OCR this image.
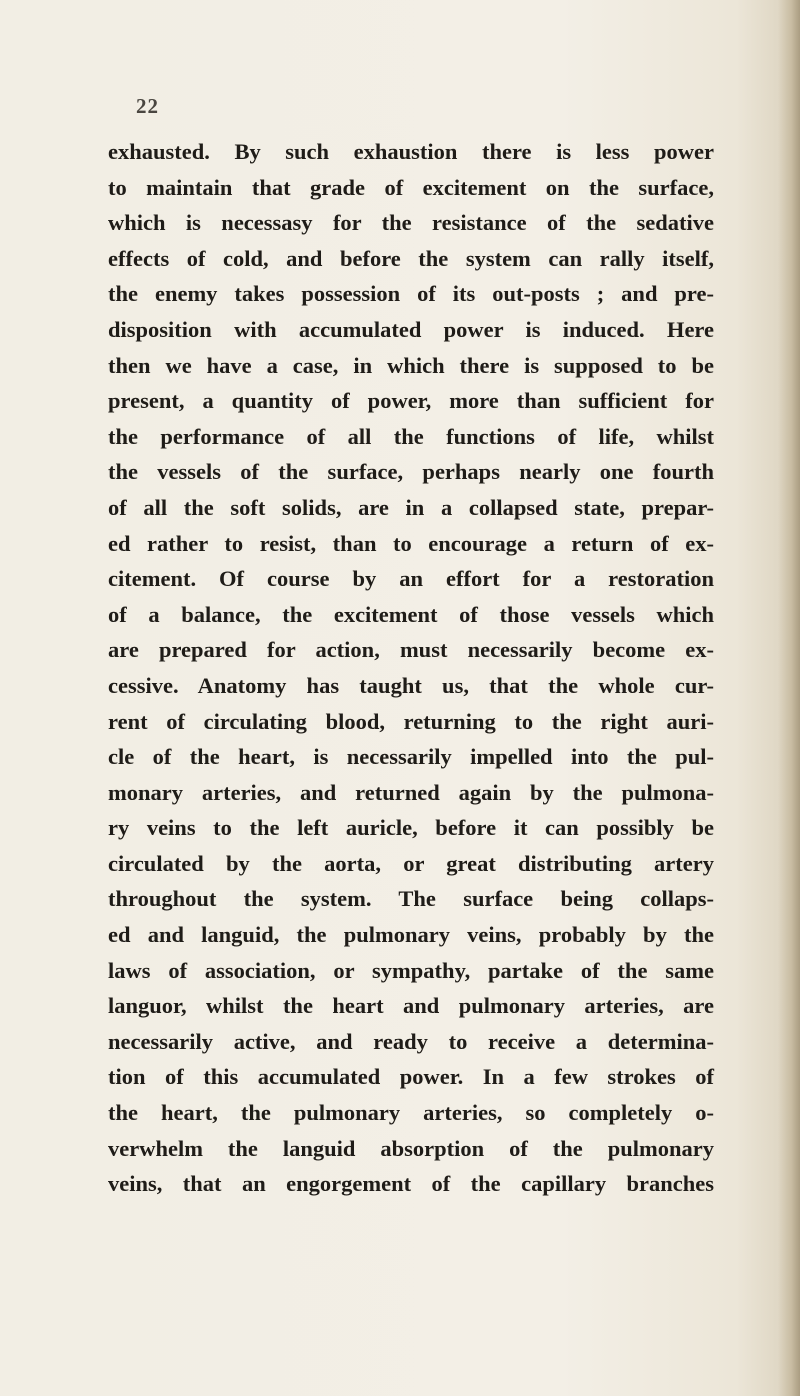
22
exhausted. By such exhaustion there is less power
to maintain that grade of excitement on the surface,
which is necessasy for the resistance of the sedative
effects of cold, and before the system can rally itself,
the enemy takes possession of its out-posts ; and pre-
disposition with accumulated power is induced. Here
then we have a case, in which there is supposed to be
present, a quantity of power, more than sufficient for
the performance of all the functions of life, whilst
the vessels of the surface, perhaps nearly one fourth
of all the soft solids, are in a collapsed state, prepar-
ed rather to resist, than to encourage a return of ex-
citement. Of course by an effort for a restoration
of a balance, the excitement of those vessels which
are prepared for action, must necessarily become ex-
cessive. Anatomy has taught us, that the whole cur-
rent of circulating blood, returning to the right auri-
cle of the heart, is necessarily impelled into the pul-
monary arteries, and returned again by the pulmona-
ry veins to the left auricle, before it can possibly be
circulated by the aorta, or great distributing artery
throughout the system. The surface being collaps-
ed and languid, the pulmonary veins, probably by the
laws of association, or sympathy, partake of the same
languor, whilst the heart and pulmonary arteries, are
necessarily active, and ready to receive a determina-
tion of this accumulated power. In a few strokes of
the heart, the pulmonary arteries, so completely o-
verwhelm the languid absorption of the pulmonary
veins, that an engorgement of the capillary branches
